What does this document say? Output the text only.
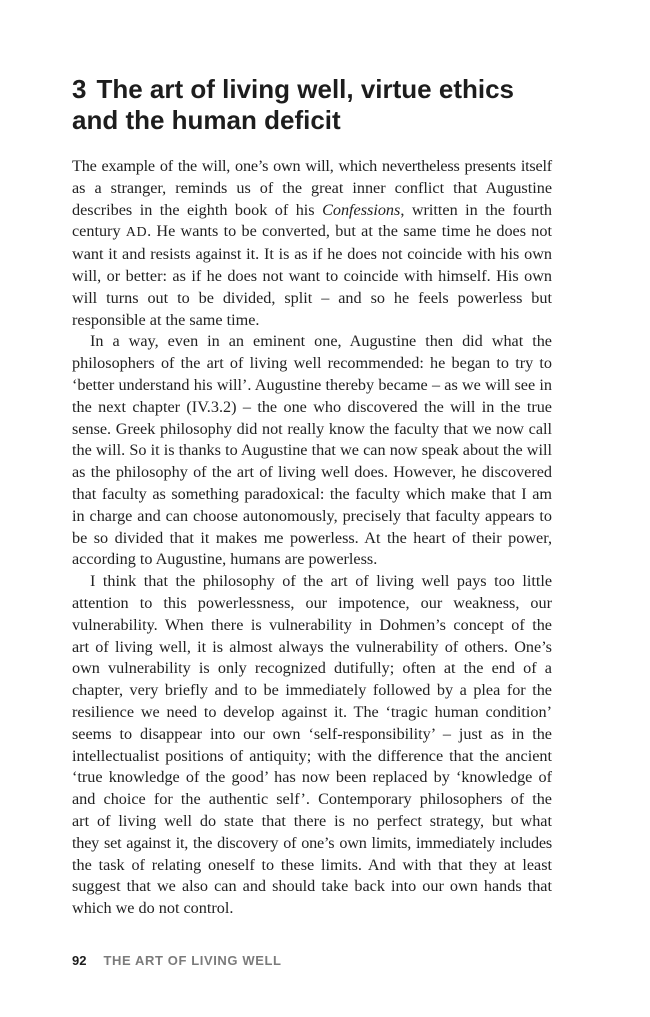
3 The art of living well, virtue ethics
and the human deficit
The example of the will, one’s own will, which nevertheless presents itself
as a stranger, reminds us of the great inner conflict that Augustine
describes in the eighth book of his Confessions, written in the fourth
century AD. He wants to be converted, but at the same time he does not
want it and resists against it. It is as if he does not coincide with his own
will, or better: as if he does not want to coincide with himself. His own
will turns out to be divided, split – and so he feels powerless but
responsible at the same time.
In a way, even in an eminent one, Augustine then did what the
philosophers of the art of living well recommended: he began to try to
‘better understand his will’. Augustine thereby became – as we will see in
the next chapter (IV.3.2) – the one who discovered the will in the true
sense. Greek philosophy did not really know the faculty that we now call
the will. So it is thanks to Augustine that we can now speak about the will
as the philosophy of the art of living well does. However, he discovered
that faculty as something paradoxical: the faculty which make that I am
in charge and can choose autonomously, precisely that faculty appears to
be so divided that it makes me powerless. At the heart of their power,
according to Augustine, humans are powerless.
I think that the philosophy of the art of living well pays too little
attention to this powerlessness, our impotence, our weakness, our
vulnerability. When there is vulnerability in Dohmen’s concept of the
art of living well, it is almost always the vulnerability of others. One’s
own vulnerability is only recognized dutifully; often at the end of a
chapter, very briefly and to be immediately followed by a plea for the
resilience we need to develop against it. The ‘tragic human condition’
seems to disappear into our own ‘self-responsibility’ – just as in the
intellectualist positions of antiquity; with the difference that the ancient
‘true knowledge of the good’ has now been replaced by ‘knowledge of
and choice for the authentic self’. Contemporary philosophers of the
art of living well do state that there is no perfect strategy, but what
they set against it, the discovery of one’s own limits, immediately includes
the task of relating oneself to these limits. And with that they at least
suggest that we also can and should take back into our own hands that
which we do not control.
92 THE ART OF LIVING WELL
